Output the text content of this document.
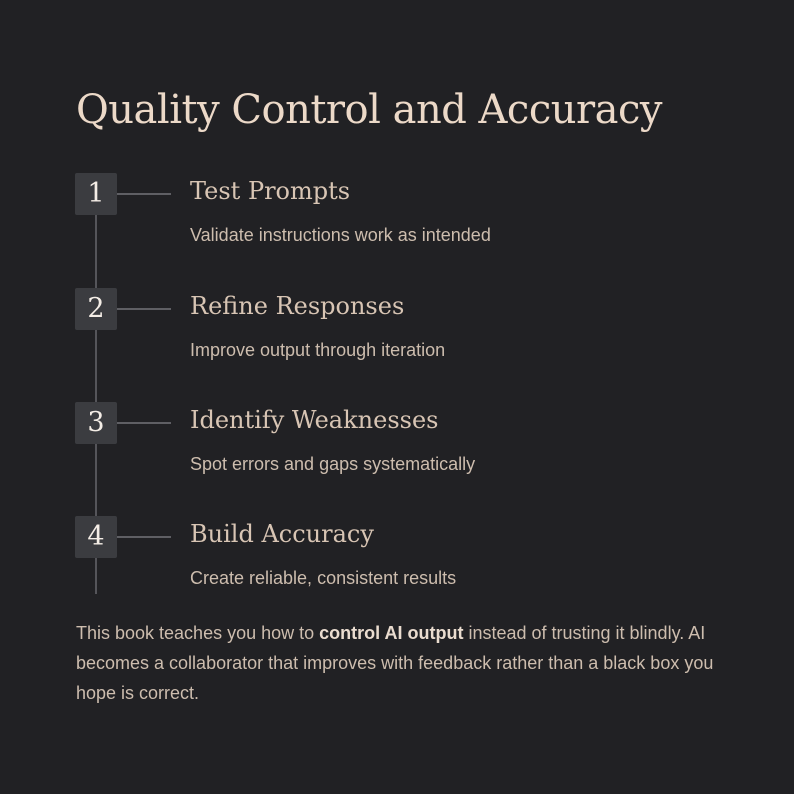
Quality Control and Accuracy
1	Test Prompts
Validate instructions work as intended
2	Refine Responses
Improve output through iteration
3	Identify Weaknesses
Spot errors and gaps systematically
4	Build Accuracy
Create reliable, consistent results

This book teaches you how to control AI output instead of trusting it blindly. AI becomes a collaborator that improves with feedback rather than a black box you hope is correct.
